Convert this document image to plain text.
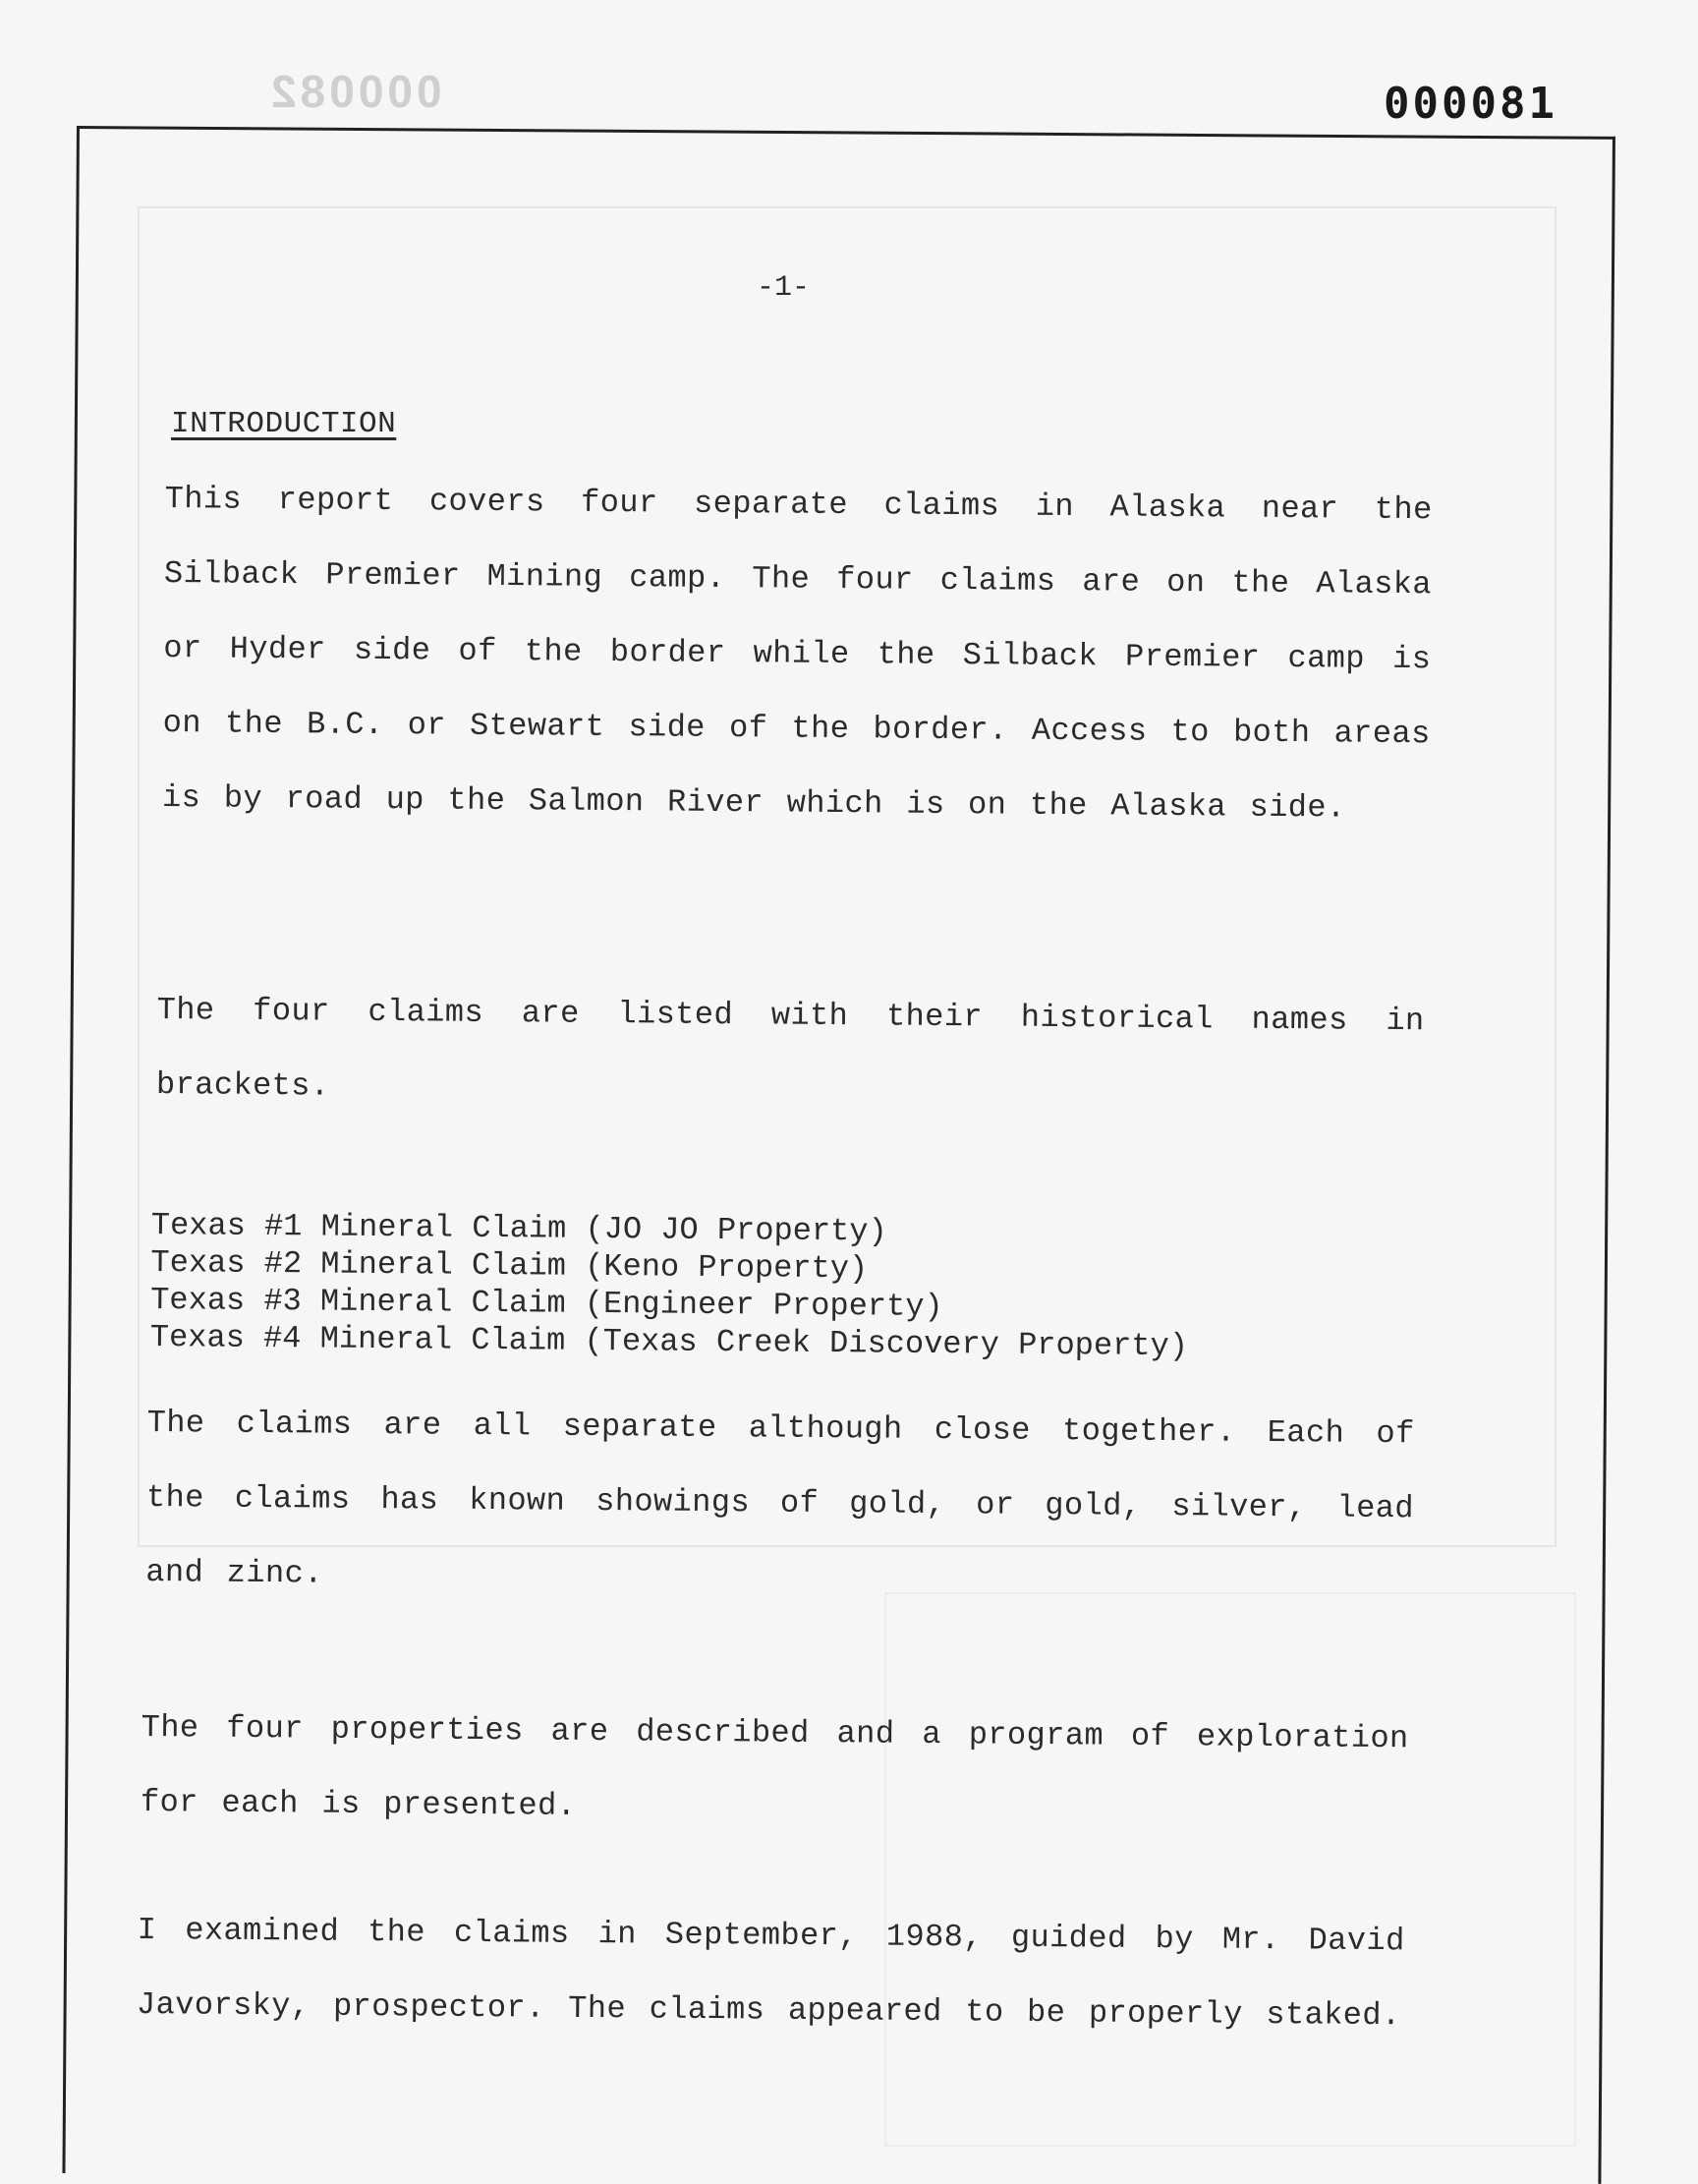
000082	000081
-1-
INTRODUCTION
This report covers four separate claims in Alaska near the Silback Premier Mining camp. The four claims are on the Alaska or Hyder side of the border while the Silback Premier camp is on the B.C. or Stewart side of the border. Access to both areas is by road up the Salmon River which is on the Alaska side.
The four claims are listed with their historical names in brackets.
Texas #1 Mineral Claim (JO JO Property)
Texas #2 Mineral Claim (Keno Property)
Texas #3 Mineral Claim (Engineer Property)
Texas #4 Mineral Claim (Texas Creek Discovery Property)
The claims are all separate although close together. Each of the claims has known showings of gold, or gold, silver, lead and zinc.
The four properties are described and a program of exploration for each is presented.
I examined the claims in September, 1988, guided by Mr. David Javorsky, prospector. The claims appeared to be properly staked.
